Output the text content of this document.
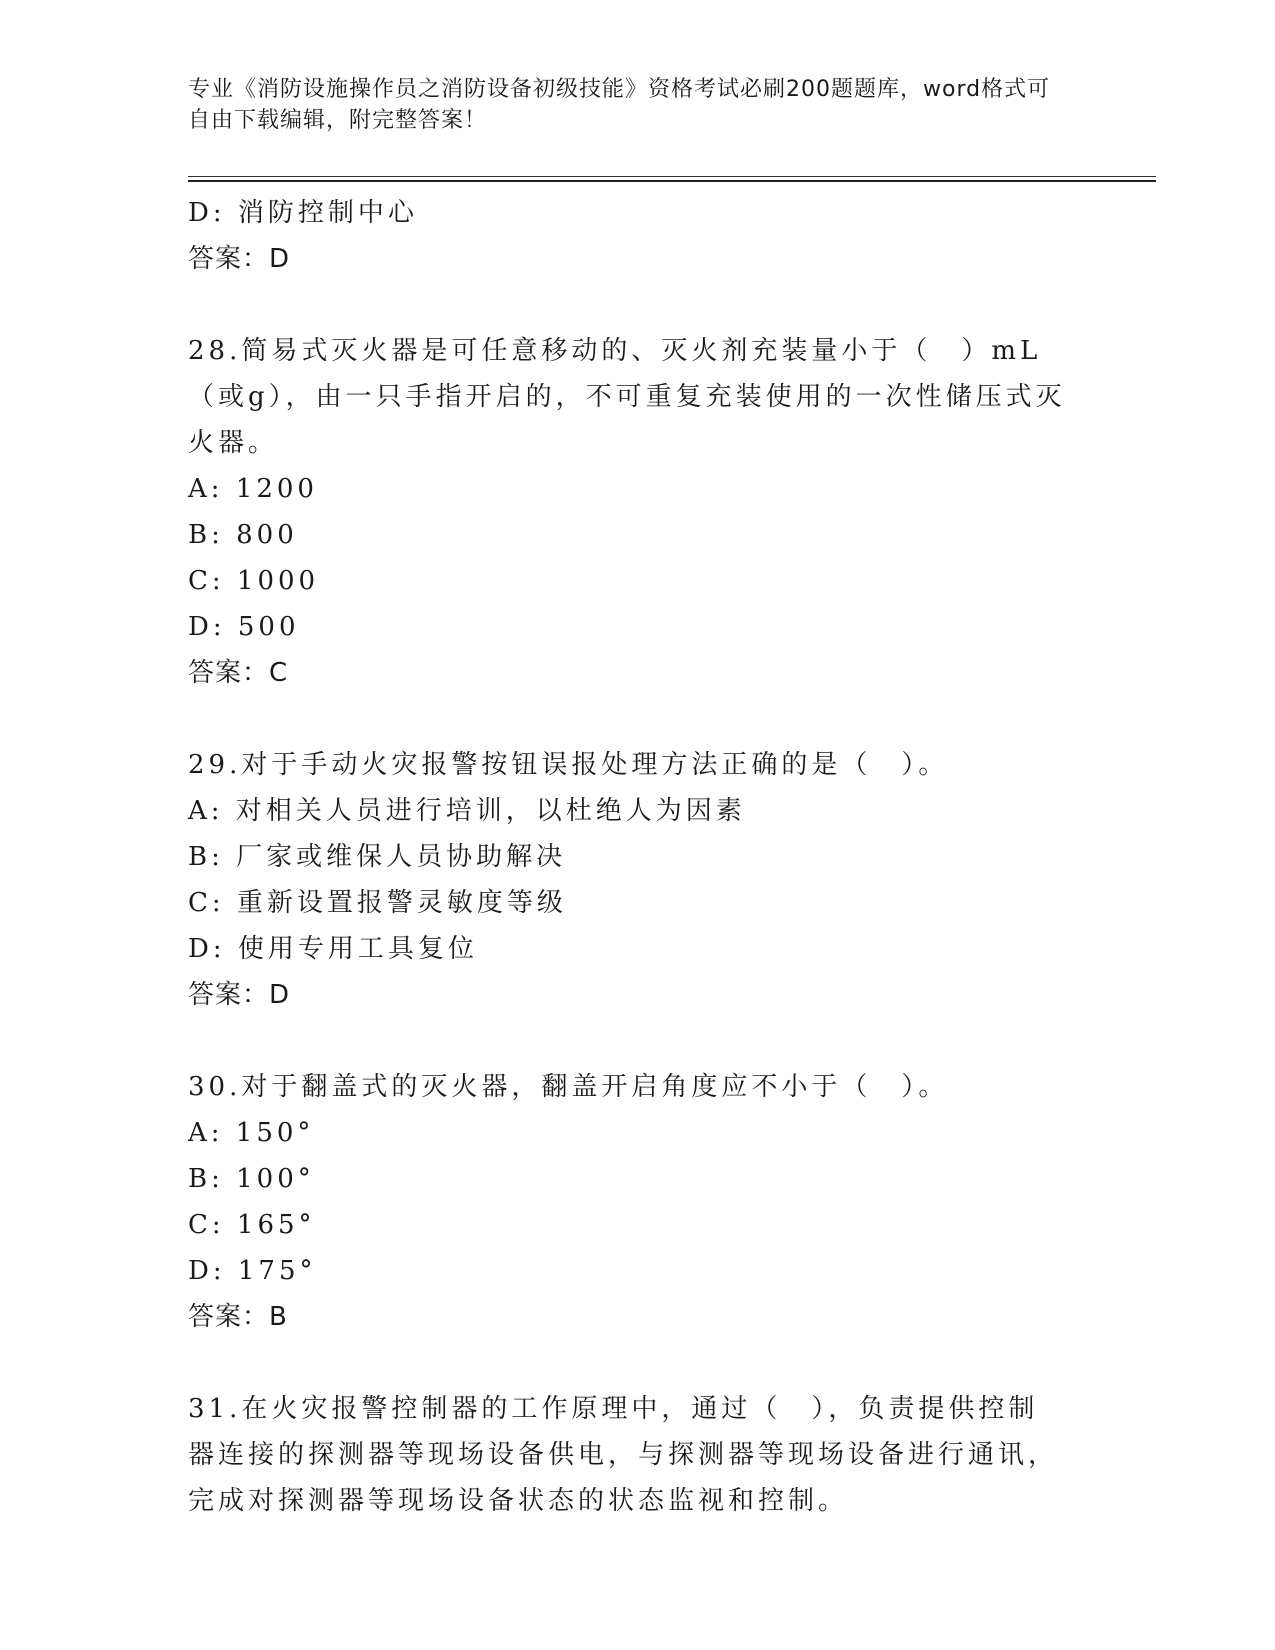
专业《消防设施操作员之消防设备初级技能》资格考试必刷200题题库，word格式可自由下载编辑，附完整答案！
D: 消防控制中心
答案：D
28.简易式灭火器是可任意移动的、灭火剂充装量小于（　）mL（或g），由一只手指开启的，不可重复充装使用的一次性储压式灭火器。
A: 1200
B: 800
C: 1000
D: 500
答案：C
29.对于手动火灾报警按钮误报处理方法正确的是（　）。
A: 对相关人员进行培训，以杜绝人为因素
B: 厂家或维保人员协助解决
C: 重新设置报警灵敏度等级
D: 使用专用工具复位
答案：D
30.对于翻盖式的灭火器，翻盖开启角度应不小于（　）。
A: 150°
B: 100°
C: 165°
D: 175°
答案：B
31.在火灾报警控制器的工作原理中，通过（　），负责提供控制器连接的探测器等现场设备供电，与探测器等现场设备进行通讯，完成对探测器等现场设备状态的状态监视和控制。
